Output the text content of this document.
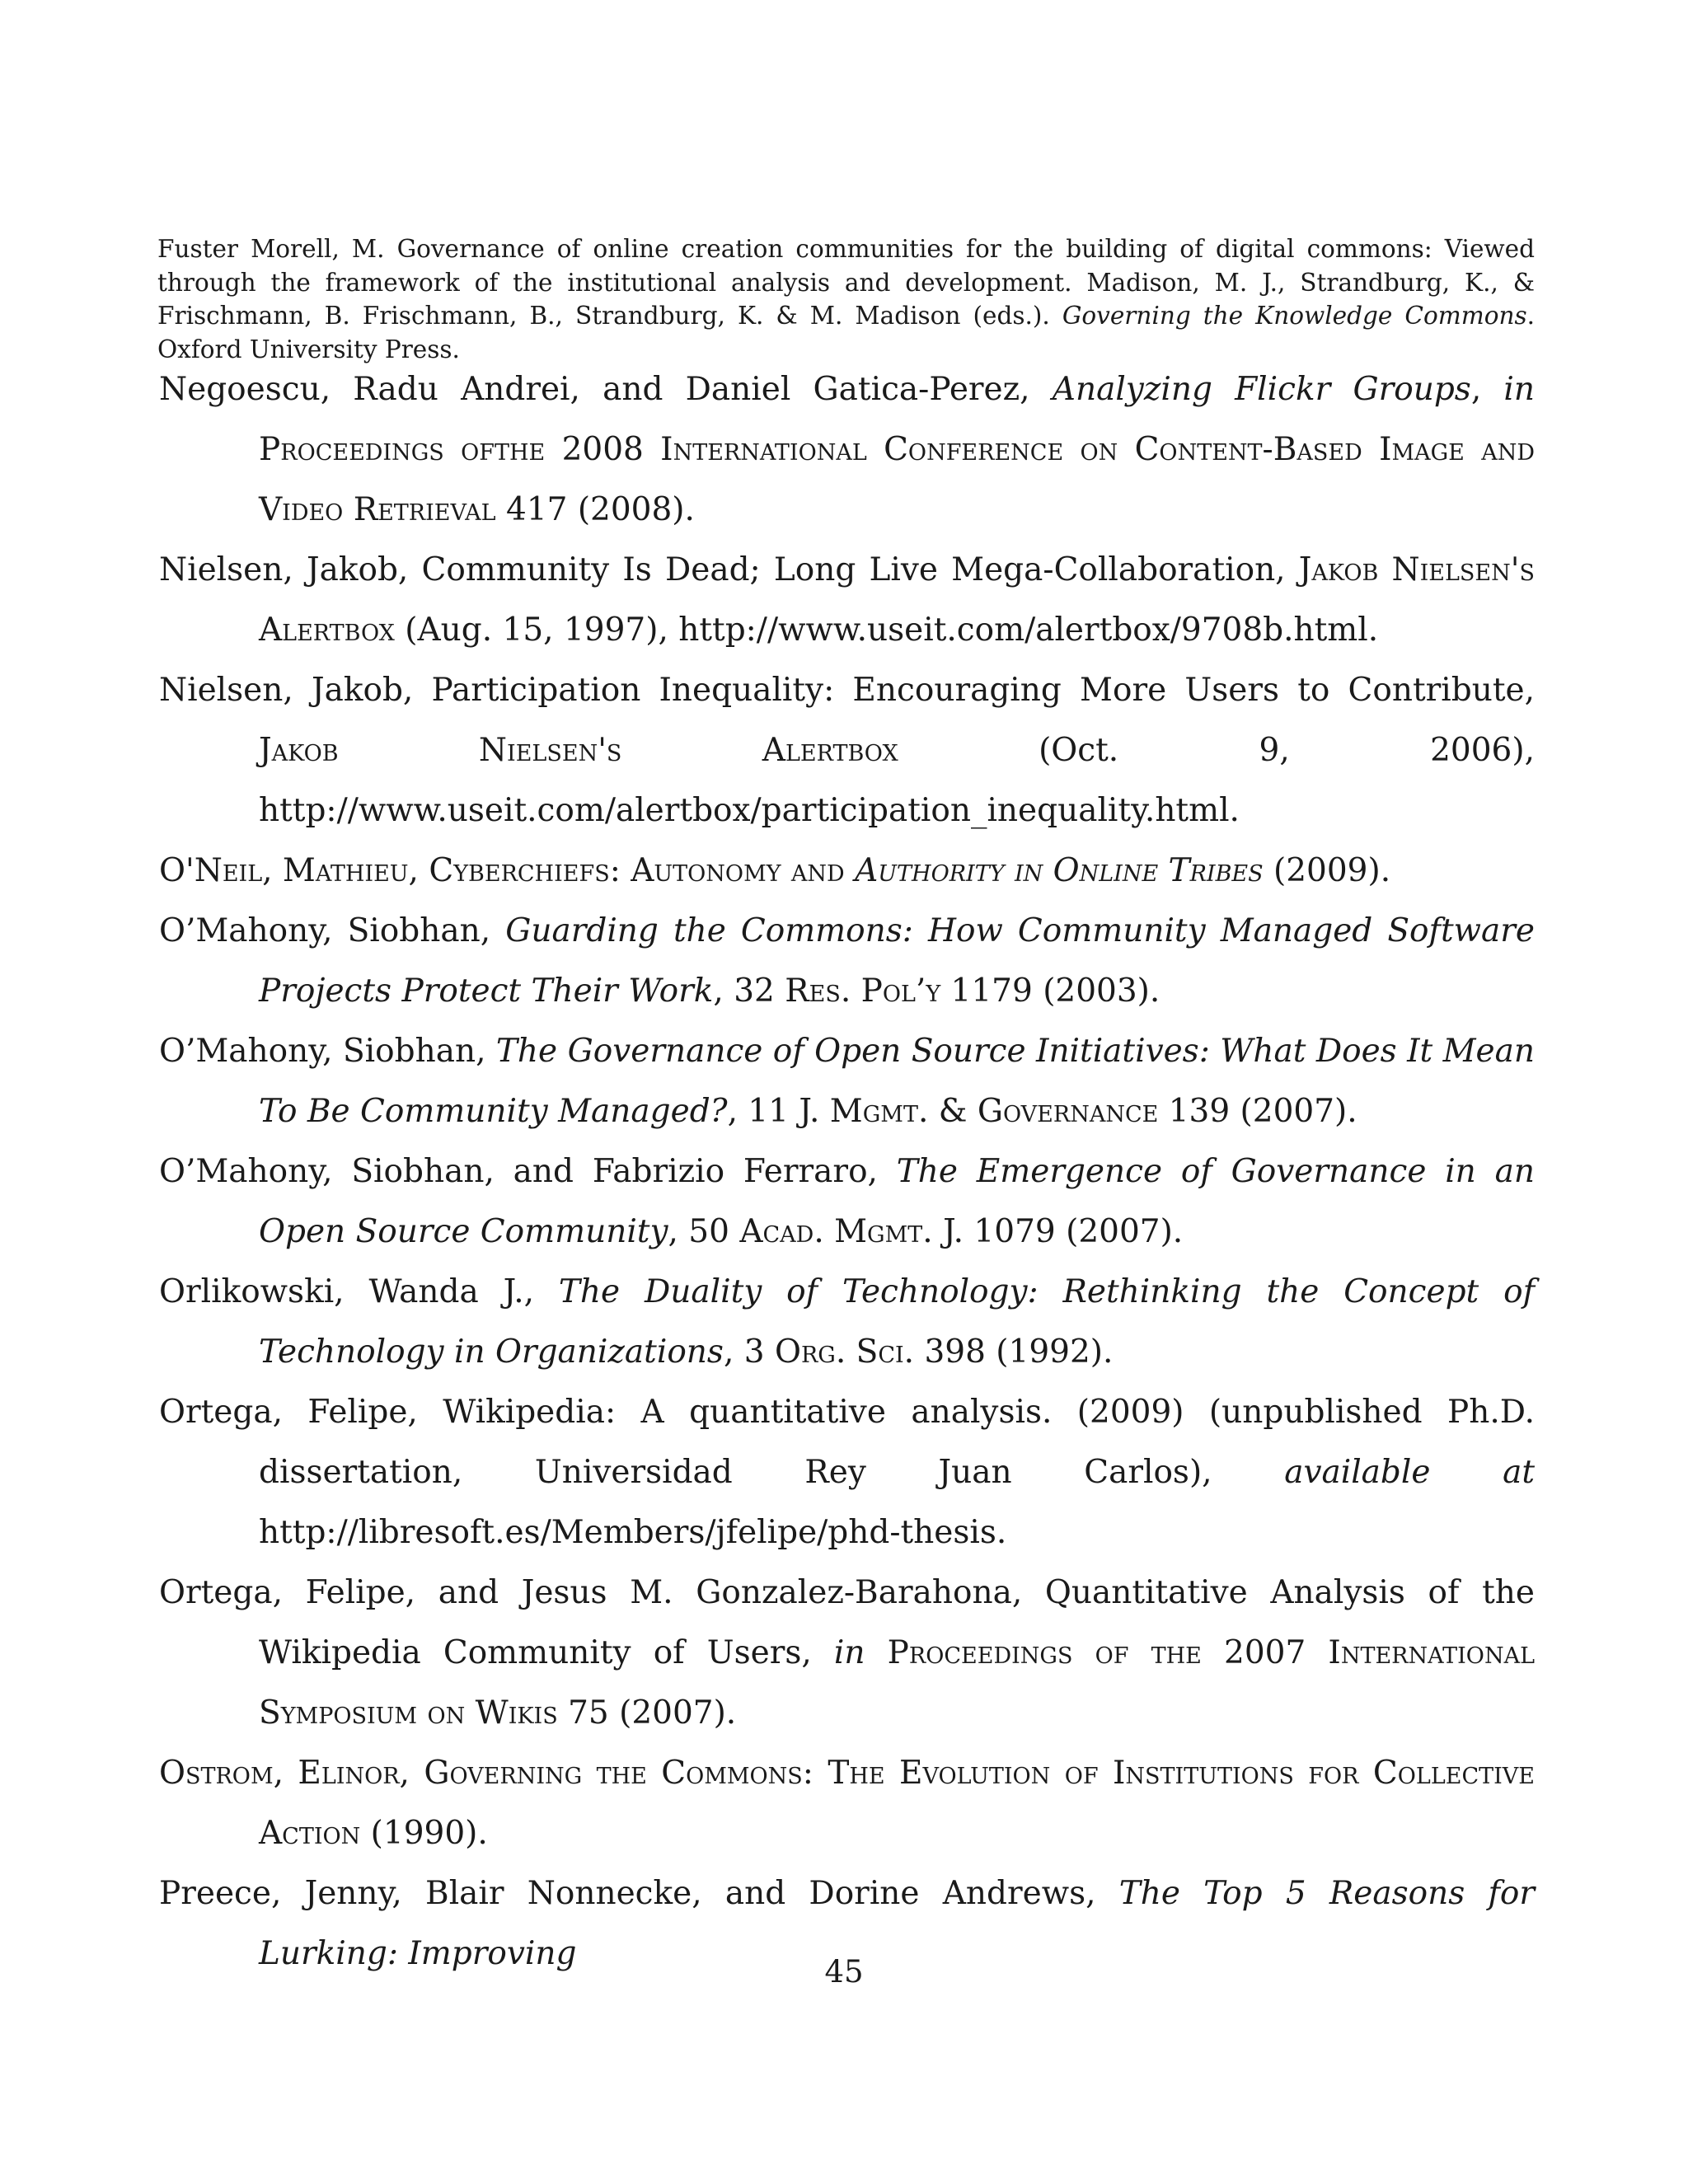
Fuster Morell, M. Governance of online creation communities for the building of digital commons: Viewed through the framework of the institutional analysis and development. Madison, M. J., Strandburg, K., & Frischmann, B. Frischmann, B., Strandburg, K. & M. Madison (eds.). Governing the Knowledge Commons. Oxford University Press.

Negoescu, Radu Andrei, and Daniel Gatica-Perez, Analyzing Flickr Groups, in Proceedings ofthe 2008 International Conference on Content-Based Image and Video Retrieval 417 (2008).

Nielsen, Jakob, Community Is Dead; Long Live Mega-Collaboration, Jakob Nielsen's Alertbox (Aug. 15, 1997), http://www.useit.com/alertbox/9708b.html.

Nielsen, Jakob, Participation Inequality: Encouraging More Users to Contribute, Jakob Nielsen's Alertbox (Oct. 9, 2006), http://www.useit.com/alertbox/participation_inequality.html.

O'Neil, Mathieu, Cyberchiefs: Autonomy and Authority in Online Tribes (2009).

O’Mahony, Siobhan, Guarding the Commons: How Community Managed Software Projects Protect Their Work, 32 Res. Pol’y 1179 (2003).

O’Mahony, Siobhan, The Governance of Open Source Initiatives: What Does It Mean To Be Community Managed?, 11 J. Mgmt. & Governance 139 (2007).

O’Mahony, Siobhan, and Fabrizio Ferraro, The Emergence of Governance in an Open Source Community, 50 Acad. Mgmt. J. 1079 (2007).

Orlikowski, Wanda J., The Duality of Technology: Rethinking the Concept of Technology in Organizations, 3 Org. Sci. 398 (1992).

Ortega, Felipe, Wikipedia: A quantitative analysis. (2009) (unpublished Ph.D. dissertation, Universidad Rey Juan Carlos), available at http://libresoft.es/Members/jfelipe/phd-thesis.

Ortega, Felipe, and Jesus M. Gonzalez-Barahona, Quantitative Analysis of the Wikipedia Community of Users, in Proceedings of the 2007 International Symposium on Wikis 75 (2007).

Ostrom, Elinor, Governing the Commons: The Evolution of Institutions for Collective Action (1990).

Preece, Jenny, Blair Nonnecke, and Dorine Andrews, The Top 5 Reasons for Lurking: Improving	45
